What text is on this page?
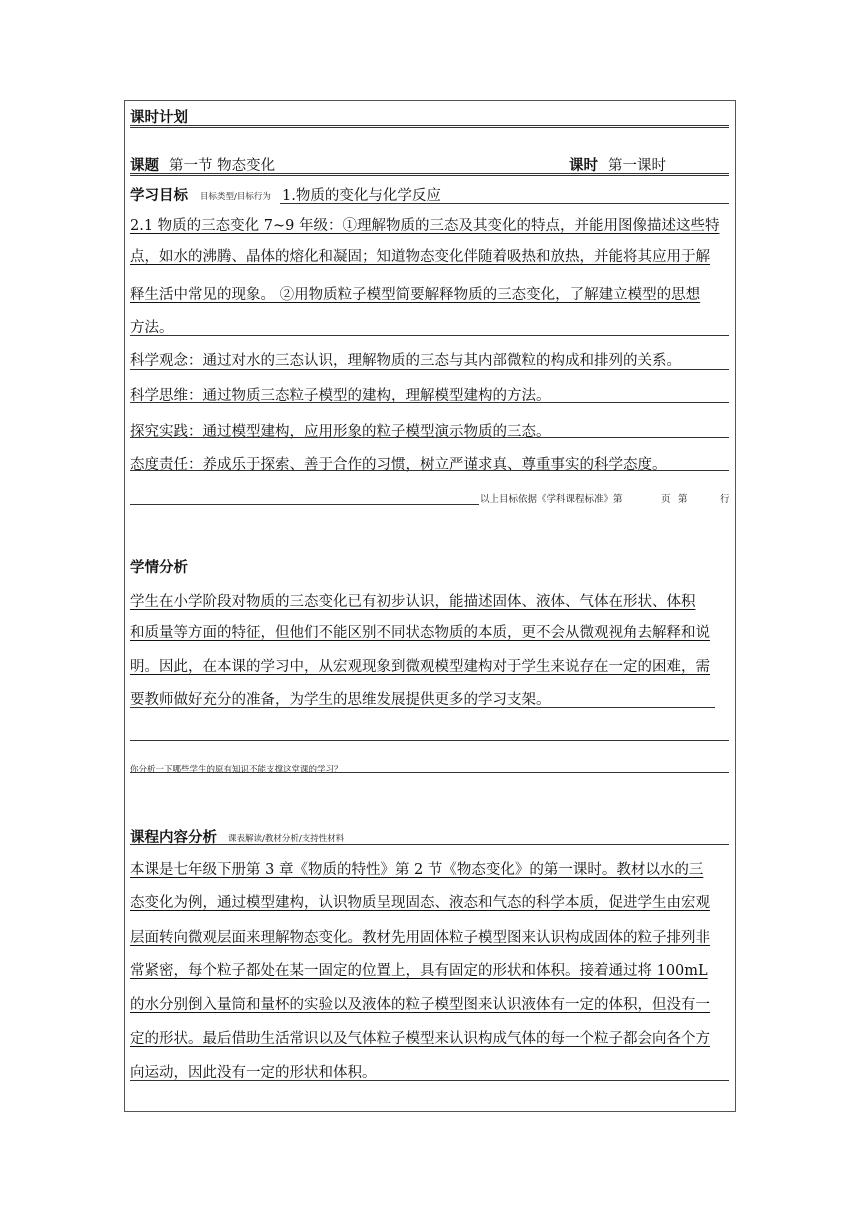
课时计划
课题 第一节 物态变化	课时 第一课时
学习目标 目标类型/目标行为 1.物质的变化与化学反应
2.1 物质的三态变化 7~9 年级：①理解物质的三态及其变化的特点，并能用图像描述这些特
点，如水的沸腾、晶体的熔化和凝固；知道物态变化伴随着吸热和放热，并能将其应用于解
释生活中常见的现象。 ②用物质粒子模型简要解释物质的三态变化，了解建立模型的思想
方法。
科学观念：通过对水的三态认识，理解物质的三态与其内部微粒的构成和排列的关系。
科学思维：通过物质三态粒子模型的建构，理解模型建构的方法。
探究实践：通过模型建构，应用形象的粒子模型演示物质的三态。
态度责任：养成乐于探索、善于合作的习惯，树立严谨求真、尊重事实的科学态度。
以上目标依据《学科课程标准》第	页 第	行
学情分析
学生在小学阶段对物质的三态变化已有初步认识，能描述固体、液体、气体在形状、体积
和质量等方面的特征，但他们不能区别不同状态物质的本质，更不会从微观视角去解释和说
明。因此，在本课的学习中，从宏观现象到微观模型建构对于学生来说存在一定的困难，需
要教师做好充分的准备，为学生的思维发展提供更多的学习支架。
你分析一下哪些学生的原有知识不能支撑这堂课的学习？
课程内容分析 课表解读/教材分析/支持性材料
本课是七年级下册第 3 章《物质的特性》第 2 节《物态变化》的第一课时。教材以水的三
态变化为例，通过模型建构，认识物质呈现固态、液态和气态的科学本质，促进学生由宏观
层面转向微观层面来理解物态变化。教材先用固体粒子模型图来认识构成固体的粒子排列非
常紧密，每个粒子都处在某一固定的位置上，具有固定的形状和体积。接着通过将 100mL
的水分别倒入量筒和量杯的实验以及液体的粒子模型图来认识液体有一定的体积，但没有一
定的形状。最后借助生活常识以及气体粒子模型来认识构成气体的每一个粒子都会向各个方
向运动，因此没有一定的形状和体积。
